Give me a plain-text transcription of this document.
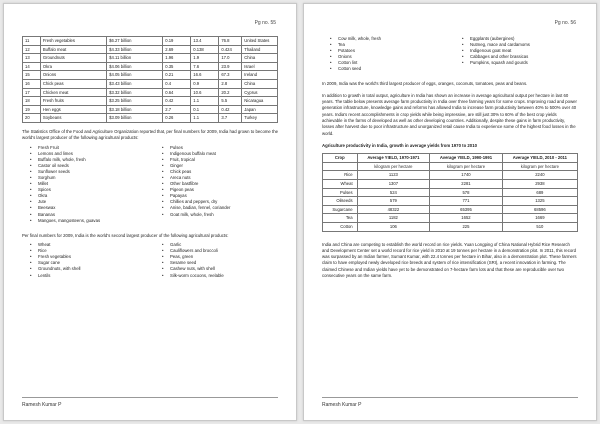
Pg no. 55
11	Fresh vegetables	$6.27 billion	0.19	13.4	76.8	United States
12	Buffalo meat	$4.33 billion	2.69	0.138	0.424	Thailand
13	Groundnuts	$4.11 billion	1.96	1.9	17.0	China
14	Okra	$4.06 billion	0.35	7.6	23.9	Israel
15	Onions	$4.05 billion	0.21	16.6	67.3	Ireland
16	Chick peas	$3.43 billion	0.4	0.9	2.8	China
17	Chicken meat	$3.32 billion	0.64	10.6	20.2	Cyprus
18	Fresh fruits	$3.25 billion	0.42	1.1	5.5	Nicaragua
19	Hen eggs	$3.18 billion	2.7	0.1	0.42	Japan
20	Soybeans	$3.09 billion	0.26	1.1	3.7	Turkey

The Statistics Office of the Food and Agriculture Organization reported that, per final numbers for 2009, India had grown to become the world's largest producer of the following agricultural products:

• Fresh Fruit	• Pulses
• Lemons and limes	• Indigenous buffalo meat
• Buffalo milk, whole, fresh	• Fruit, tropical
• Castor oil seeds	• Ginger
• Sunflower seeds	• Chick peas
• Sorghum	• Areca nuts
• Millet	• Other bastfibre
• Spices	• Pigeon peas
• Okra	• Papayas
• Jute	• Chillies and peppers, dry
• Beeswax	• Anise, badian, fennel, coriander
• Bananas	• Goat milk, whole, fresh
• Mangoes, mangosteens, guavas

Per final numbers for 2009, India is the world's second largest producer of the following agricultural products:

• Wheat	• Garlic
• Rice	• Cauliflowers and broccoli
• Fresh vegetables	• Peas, green
• Sugar cane	• Sesame seed
• Groundnuts, with shell	• Cashew nuts, with shell
• Lentils	• Silk-worm cocoons, reelable
Ramesh Kumar P
Pg no. 56
• Cow milk, whole, fresh	• Eggplants (aubergines)
• Tea	• Nutmeg, mace and cardamoms
• Potatoes	• Indigenous goat meat
• Onions	• Cabbages and other brassicas
• Cotton lint	• Pumpkins, squash and gourds
• Cotton seed

In 2009, India was the world's third largest producer of eggs, oranges, coconuts, tomatoes, peas and beans.

In addition to growth in total output, agriculture in India has shown an increase in average agricultural output per hectare in last 60 years. The table below presents average farm productivity in India over three farming years for some crops. Improving road and power generation infrastructure, knowledge gains and reforms has allowed India to increase farm productivity between 40% to 500% over 40 years. India's recent accomplishments in crop yields while being impressive, are still just 30% to 60% of the best crop yields achievable in the farms of developed as well as other developing countries. Additionally, despite these gains in farm productivity, losses after harvest due to poor infrastructure and unorganized retail cause India to experience some of the highest food losses in the world.

Agriculture productivity in India, growth in average yields from 1970 to 2010

Crop	Average YIELD, 1970-1971	Average YIELD, 1990-1991	Average YIELD, 2010 - 2011
	kilogram per hectare	kilogram per hectare	kilogram per hectare
Rice	1123	1740	2240
Wheat	1307	2281	2938
Pulses	524	578	689
Oilseeds	579	771	1325
Sugarcane	48322	65395	68596
Tea	1182	1652	1669
Cotton	106	225	510

India and China are competing to establish the world record on rice yields. Yuan Longping of China National Hybrid Rice Research and Development Center set a world record for rice yield in 2010 at 19 tonnes per hectare in a demonstration plot. In 2011, this record was surpassed by an Indian farmer, Sumant Kumar, with 22.4 tonnes per hectare in Bihar, also in a demonstration plot. These farmers claim to have employed newly developed rice breeds and system of rice intensification (SRI), a recent innovation in farming. The claimed Chinese and Indian yields have yet to be demonstrated on 7-hectare farm lots and that these are reproducible over two consecutive years on the same farm.

Ramesh Kumar P
